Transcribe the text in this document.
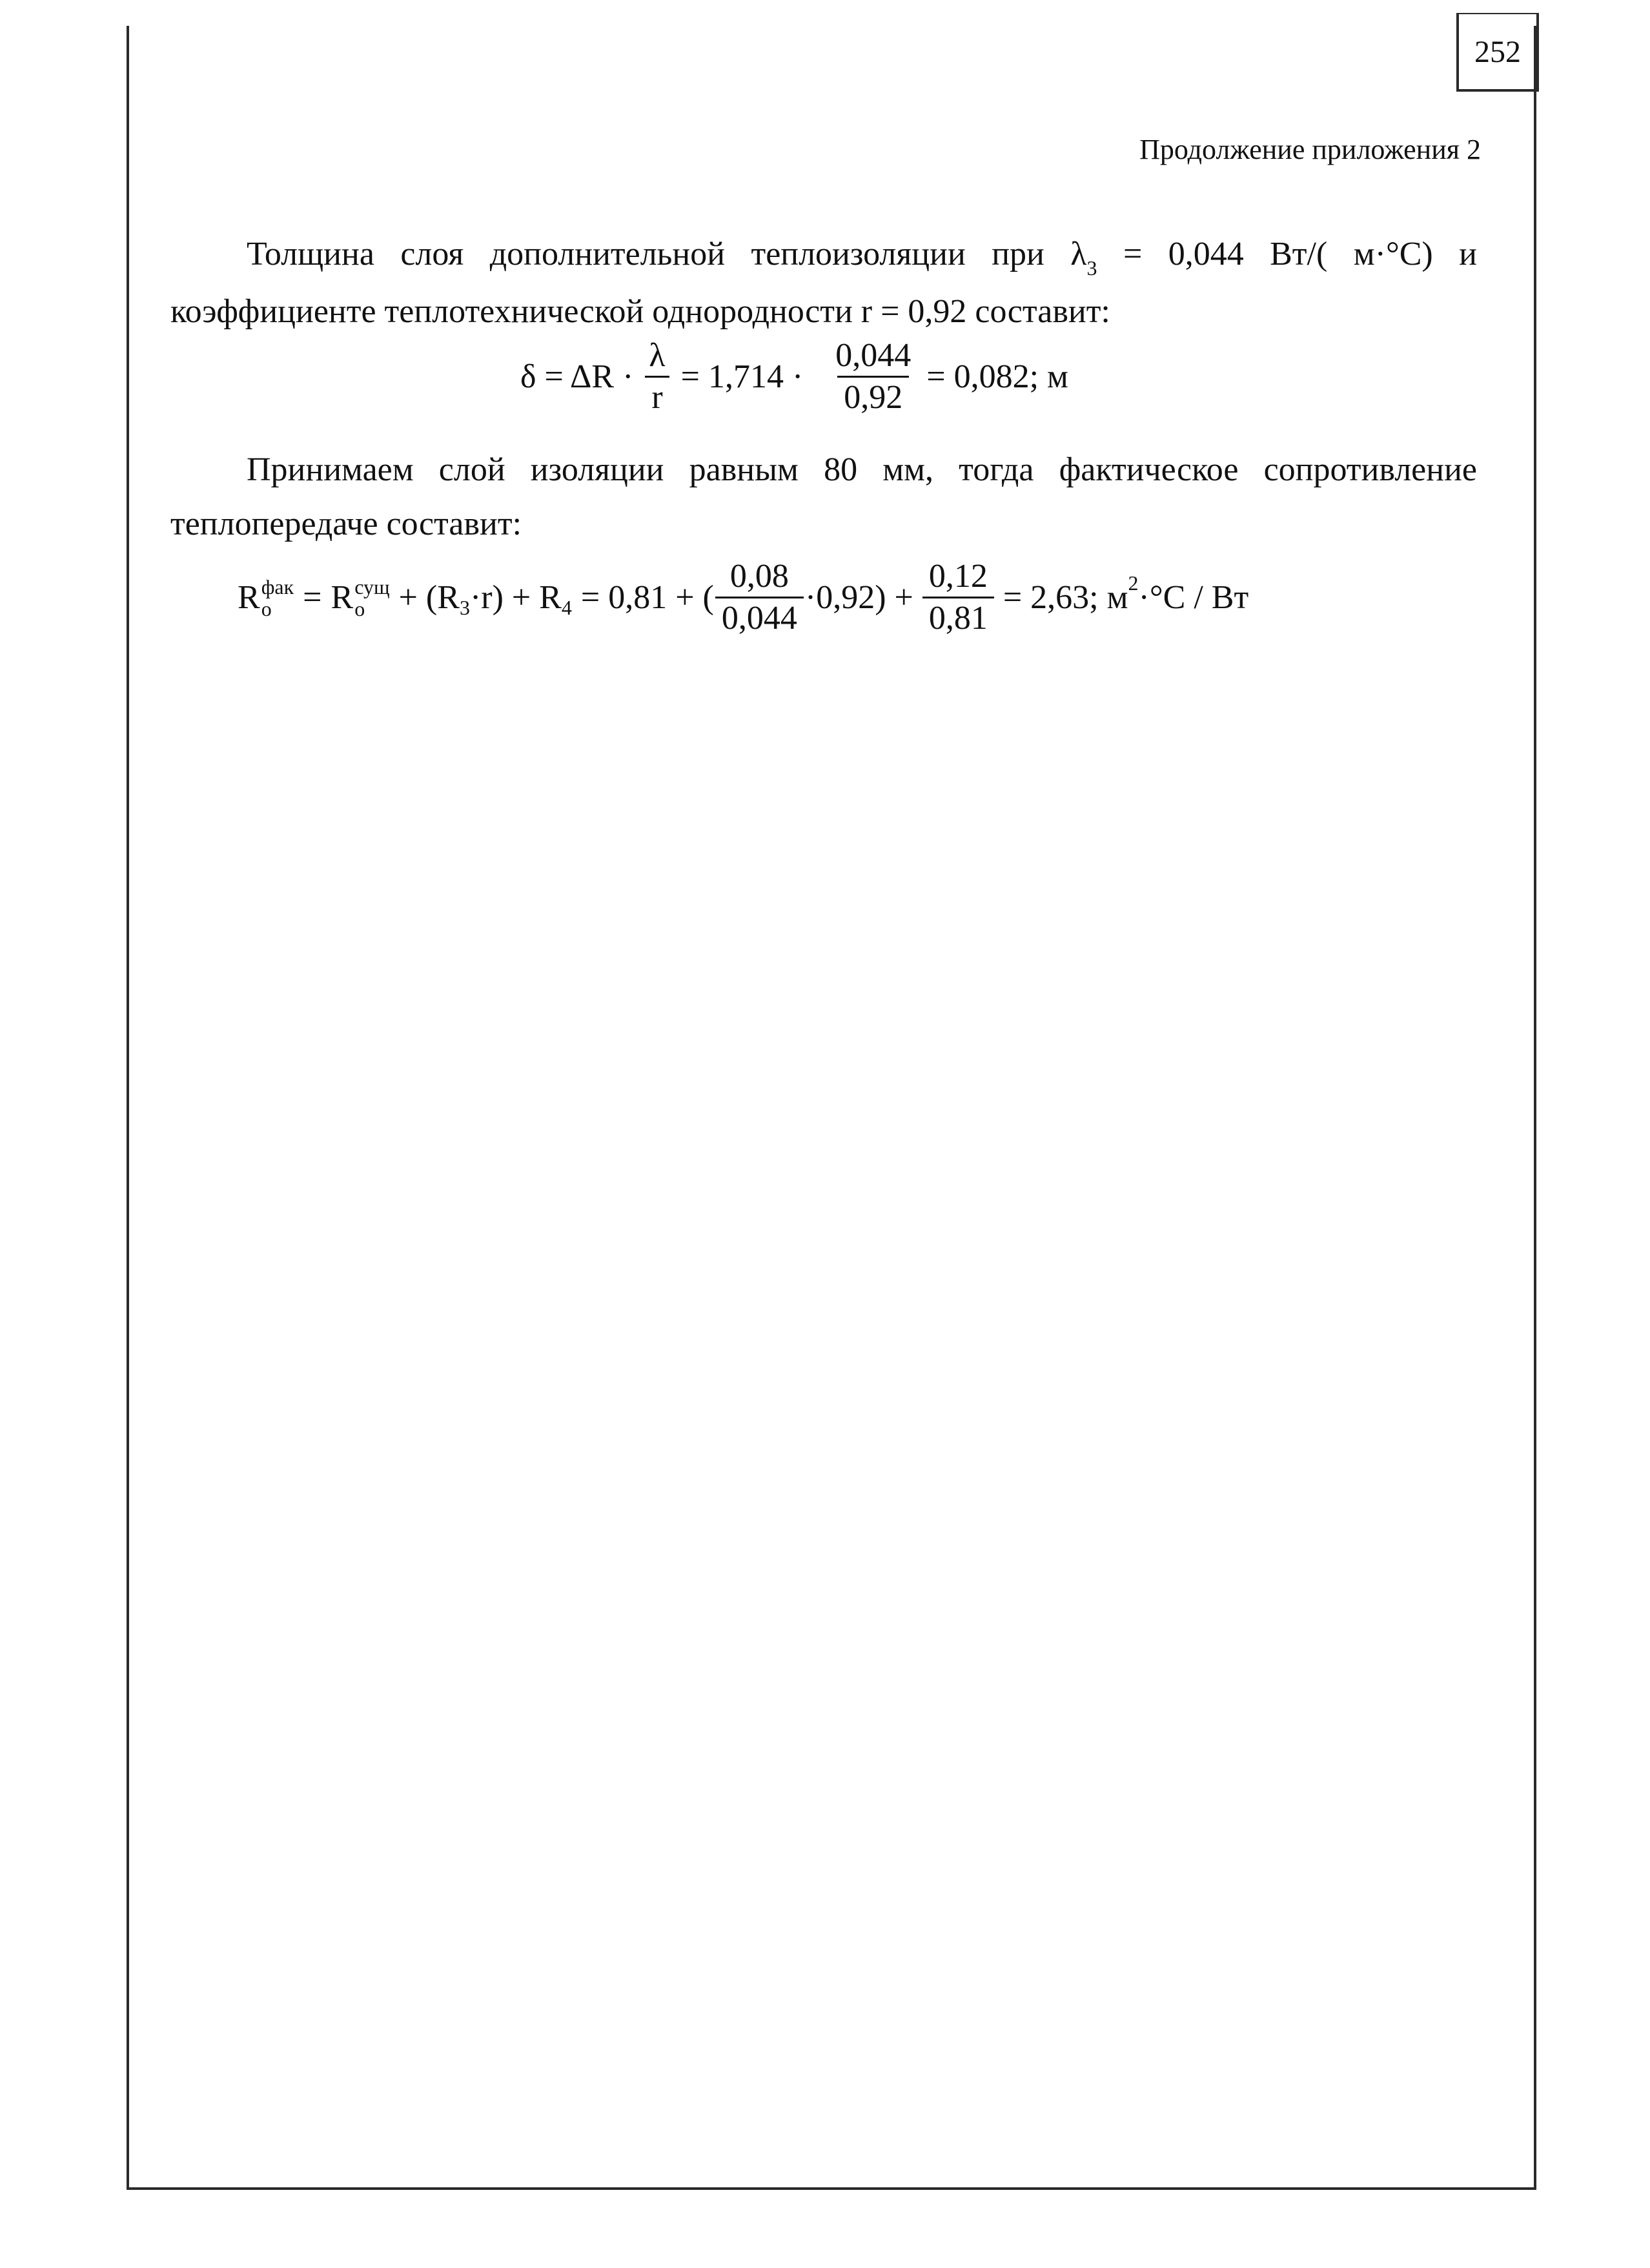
252
Продолжение приложения 2
Толщина слоя дополнительной теплоизоляции при $\lambda_3 = 0,044$ Вт/( м·°С) и
коэффициенте теплотехнической однородности r = 0,92 составит:
$\delta = \Delta R \cdot \frac{\lambda}{r} = 1,714 \cdot \frac{0,044}{0,92} = 0,082$; м
Принимаем слой изоляции равным 80 мм, тогда фактическое сопротивление
теплопередаче составит:
R фак
о = R сущ
о	+ (R 3 ·r) + R 4 = 0,81 + ( $\frac{0,08}{0,044} \cdot 0,92) + \frac{0,12}{0,81} = 2,63$; м 2 ·°С / Вт
